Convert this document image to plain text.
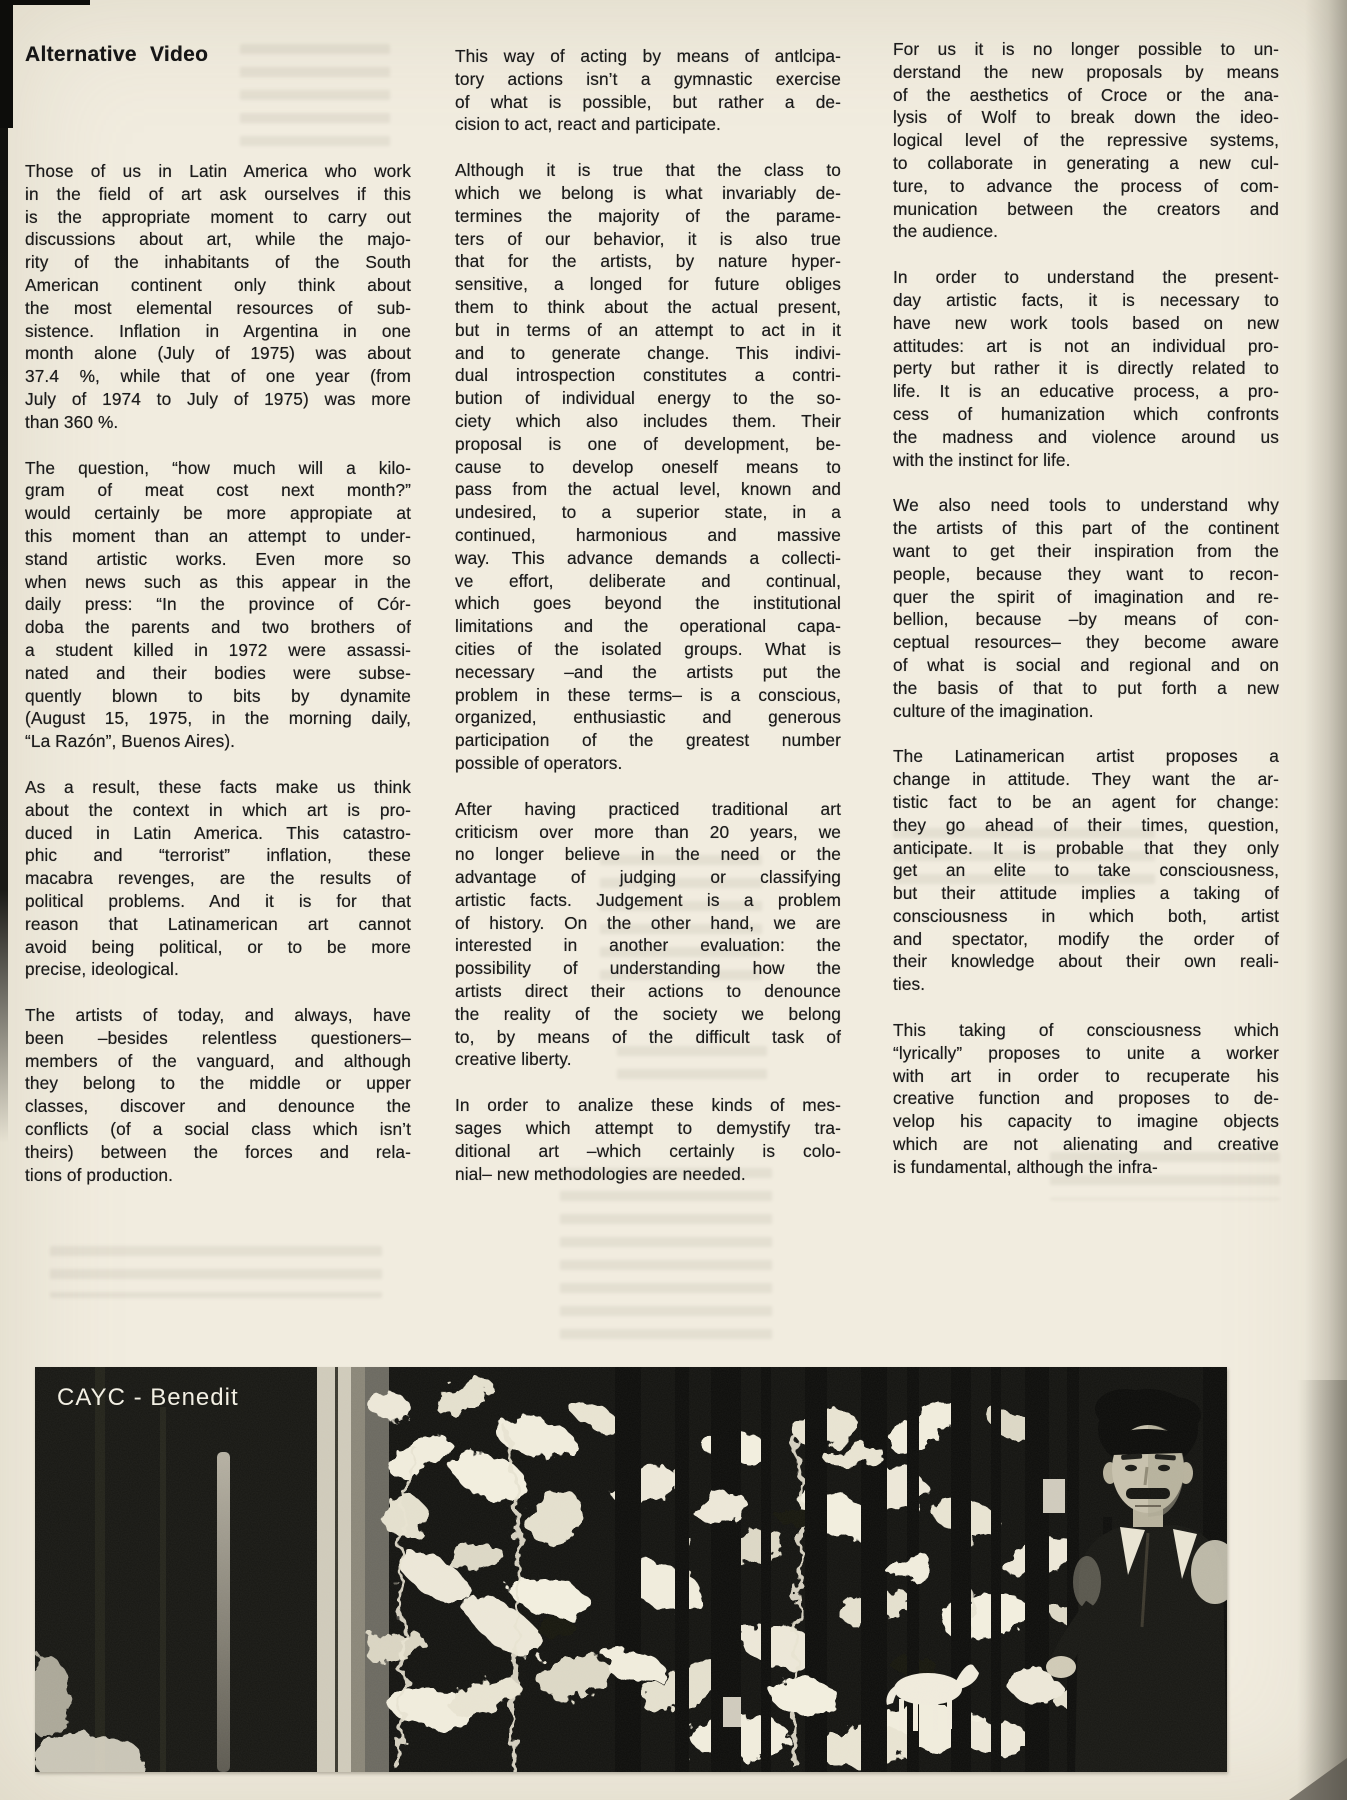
Alternative Video
Those of us in Latin America who work
in the field of art ask ourselves if this
is the appropriate moment to carry out
discussions about art, while the majo-
rity of the inhabitants of the South
American continent only think about
the most elemental resources of sub-
sistence. Inflation in Argentina in one
month alone (July of 1975) was about
37.4 %, while that of one year (from
July of 1974 to July of 1975) was more
than 360 %.
The question, “how much will a kilo-
gram of meat cost next month?”
would certainly be more appropiate at
this moment than an attempt to under-
stand artistic works. Even more so
when news such as this appear in the
daily press: “In the province of Cór-
doba the parents and two brothers of
a student killed in 1972 were assassi-
nated and their bodies were subse-
quently blown to bits by dynamite
(August 15, 1975, in the morning daily,
“La Razón”, Buenos Aires).
As a result, these facts make us think
about the context in which art is pro-
duced in Latin America. This catastro-
phic and “terrorist” inflation, these
macabra revenges, are the results of
political problems. And it is for that
reason that Latinamerican art cannot
avoid being political, or to be more
precise, ideological.
The artists of today, and always, have
been –besides relentless questioners–
members of the vanguard, and although
they belong to the middle or upper
classes, discover and denounce the
conflicts (of a social class which isn’t
theirs) between the forces and rela-
tions of production.
This way of acting by means of antlcipa-
tory actions isn’t a gymnastic exercise
of what is possible, but rather a de-
cision to act, react and participate.
Although it is true that the class to
which we belong is what invariably de-
termines the majority of the parame-
ters of our behavior, it is also true
that for the artists, by nature hyper-
sensitive, a longed for future obliges
them to think about the actual present,
but in terms of an attempt to act in it
and to generate change. This indivi-
dual introspection constitutes a contri-
bution of individual energy to the so-
ciety which also includes them. Their
proposal is one of development, be-
cause to develop oneself means to
pass from the actual level, known and
undesired, to a superior state, in a
continued, harmonious and massive
way. This advance demands a collecti-
ve effort, deliberate and continual,
which goes beyond the institutional
limitations and the operational capa-
cities of the isolated groups. What is
necessary –and the artists put the
problem in these terms– is a conscious,
organized, enthusiastic and generous
participation of the greatest number
possible of operators.
After having practiced traditional art
criticism over more than 20 years, we
no longer believe in the need or the
advantage of judging or classifying
artistic facts. Judgement is a problem
of history. On the other hand, we are
interested in another evaluation: the
possibility of understanding how the
artists direct their actions to denounce
the reality of the society we belong
to, by means of the difficult task of
creative liberty.
In order to analize these kinds of mes-
sages which attempt to demystify tra-
ditional art –which certainly is colo-
nial– new methodologies are needed.
For us it is no longer possible to un-
derstand the new proposals by means
of the aesthetics of Croce or the ana-
lysis of Wolf to break down the ideo-
logical level of the repressive systems,
to collaborate in generating a new cul-
ture, to advance the process of com-
munication between the creators and
the audience.
In order to understand the present-
day artistic facts, it is necessary to
have new work tools based on new
attitudes: art is not an individual pro-
perty but rather it is directly related to
life. It is an educative process, a pro-
cess of humanization which confronts
the madness and violence around us
with the instinct for life.
We also need tools to understand why
the artists of this part of the continent
want to get their inspiration from the
people, because they want to recon-
quer the spirit of imagination and re-
bellion, because –by means of con-
ceptual resources– they become aware
of what is social and regional and on
the basis of that to put forth a new
culture of the imagination.
The Latinamerican artist proposes a
change in attitude. They want the ar-
tistic fact to be an agent for change:
they go ahead of their times, question,
anticipate. It is probable that they only
get an elite to take consciousness,
but their attitude implies a taking of
consciousness in which both, artist
and spectator, modify the order of
their knowledge about their own reali-
ties.
This taking of consciousness which
“lyrically” proposes to unite a worker
with art in order to recuperate his
creative function and proposes to de-
velop his capacity to imagine objects
which are not alienating and creative
is fundamental, although the infra-
CAYC - Benedit
